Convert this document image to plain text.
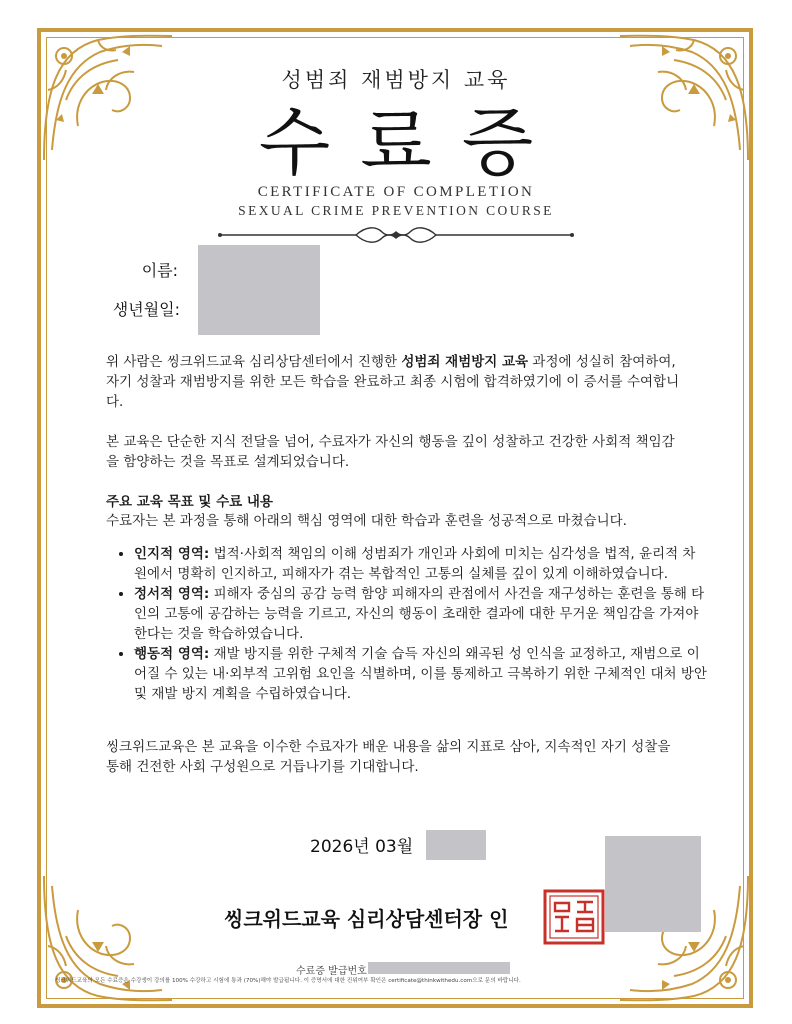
성범죄 재범방지 교육
수료증
CERTIFICATE OF COMPLETION
SEXUAL CRIME PREVENTION COURSE
이름:
생년월일:
위 사람은 씽크위드교육 심리상담센터에서 진행한 성범죄 재범방지 교육 과정에 성실히 참여하여, 자기 성찰과 재범방지를 위한 모든 학습을 완료하고 최종 시험에 합격하였기에 이 증서를 수여합니다.
본 교육은 단순한 지식 전달을 넘어, 수료자가 자신의 행동을 깊이 성찰하고 건강한 사회적 책임감을 함양하는 것을 목표로 설계되었습니다.
주요 교육 목표 및 수료 내용
수료자는 본 과정을 통해 아래의 핵심 영역에 대한 학습과 훈련을 성공적으로 마쳤습니다.
• 인지적 영역: 법적·사회적 책임의 이해 성범죄가 개인과 사회에 미치는 심각성을 법적, 윤리적 차원에서 명확히 인지하고, 피해자가 겪는 복합적인 고통의 실체를 깊이 있게 이해하였습니다.
• 정서적 영역: 피해자 중심의 공감 능력 함양 피해자의 관점에서 사건을 재구성하는 훈련을 통해 타인의 고통에 공감하는 능력을 기르고, 자신의 행동이 초래한 결과에 대한 무거운 책임감을 가져야 한다는 것을 학습하였습니다.
• 행동적 영역: 재발 방지를 위한 구체적 기술 습득 자신의 왜곡된 성 인식을 교정하고, 재범으로 이어질 수 있는 내·외부적 고위험 요인을 식별하며, 이를 통제하고 극복하기 위한 구체적인 대처 방안 및 재발 방지 계획을 수립하였습니다.
씽크위드교육은 본 교육을 이수한 수료자가 배운 내용을 삶의 지표로 삼아, 지속적인 자기 성찰을 통해 건전한 사회 구성원으로 거듭나기를 기대합니다.
2026년 03월
씽크위드교육 심리상담센터장 인
수료증 발급번호
씽크위드교육의 모든 수료증은 수강생이 강의를 100% 수강하고 시험에 통과 (70%)해야 발급됩니다. 이 증명서에 대한 진위여부 확인은 certificate@thinkwithedu.com으로 문의 바랍니다.
